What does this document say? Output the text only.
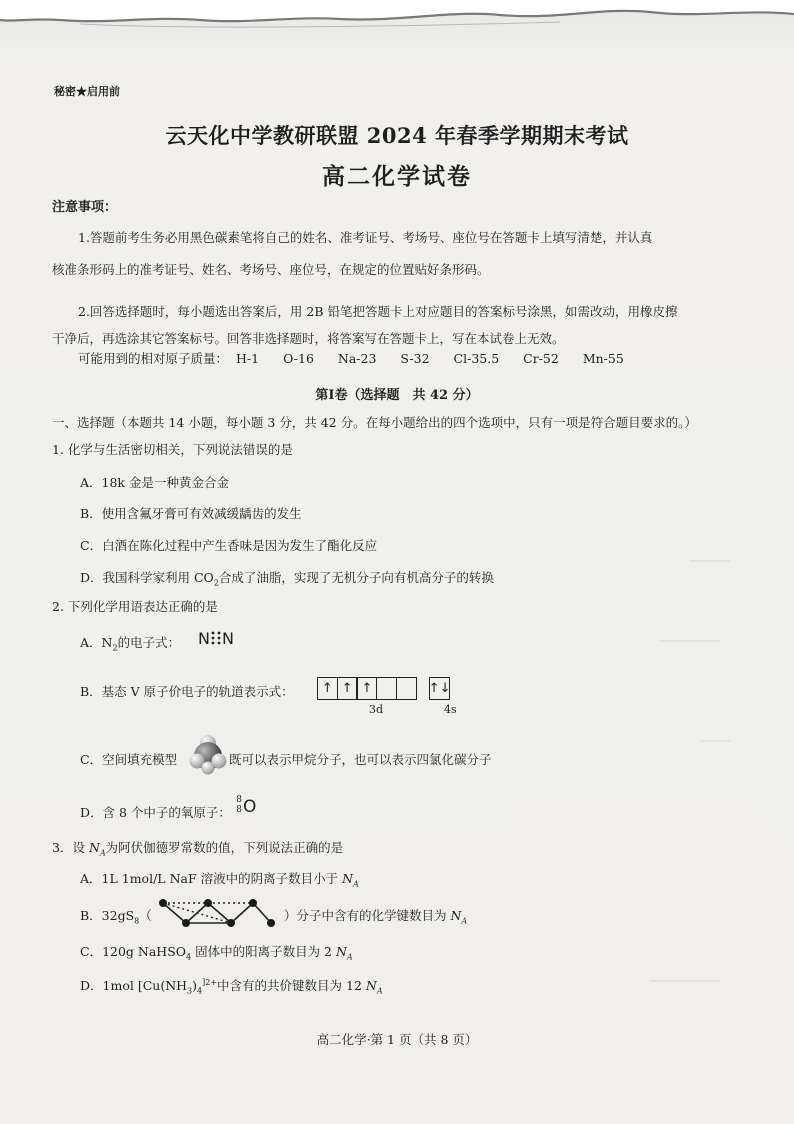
秘密★启用前
云天化中学教研联盟 2024 年春季学期期末考试
高二化学试卷
注意事项：
1.答题前考生务必用黑色碳素笔将自己的姓名、准考证号、考场号、座位号在答题卡上填写清楚，并认真
核准条形码上的准考证号、姓名、考场号、座位号，在规定的位置贴好条形码。
2.回答选择题时，每小题选出答案后，用 2B 铅笔把答题卡上对应题目的答案标号涂黑，如需改动，用橡皮擦
干净后，再选涂其它答案标号。回答非选择题时，将答案写在答题卡上，写在本试卷上无效。
可能用到的相对原子质量： H-1 O-16 Na-23 S-32 Cl-35.5 Cr-52 Mn-55
第Ⅰ卷（选择题　共 42 分）
一、选择题（本题共 14 小题，每小题 3 分，共 42 分。在每小题给出的四个选项中，只有一项是符合题目要求的。）
1. 化学与生活密切相关，下列说法错误的是
A．18k 金是一种黄金合金
B．使用含氟牙膏可有效减缓龋齿的发生
C．白酒在陈化过程中产生香味是因为发生了酯化反应
D．我国科学家利用 $CO_2$合成了油脂，实现了无机分子向有机高分子的转换
2. 下列化学用语表达正确的是
A．$N_2$的电子式： N N
B．基态 V 原子价电子的轨道表示式：	↑ ↑ ↑	↑↓
3d	4s
C．空间填充模型	既可以表示甲烷分子，也可以表示四氯化碳分子
D．含 8 个中子的氧原子：
8
8 O
3．设 $N_A$为阿伏伽德罗常数的值，下列说法正确的是
A．1L 1mol/L NaF 溶液中的阴离子数目小于 $N_A$
B．$32gS_8$（	）分子中含有的化学键数目为 $N_A$
C．120g NaHSO$_4$ 固体中的阳离子数目为 2 $N_A$
D．1mol [$Cu(NH_3)_4^{]2+}$中含有的共价键数目为 12 $N_A$
高二化学·第 1 页（共 8 页）
